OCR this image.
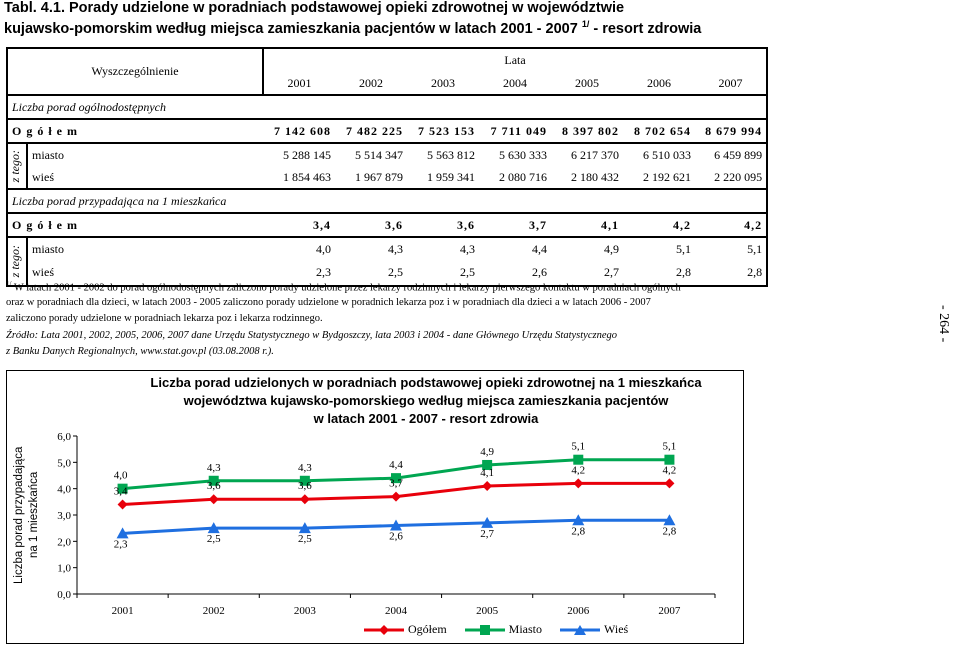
Tabl. 4.1. Porady udzielone w poradniach podstawowej opieki zdrowotnej w województwie
kujawsko-pomorskim według miejsca zamieszkania pacjentów w latach 2001 - 2007 $^{1/}$ - resort zdrowia
Wyszczególnienie		Lata						
		2001	2002	2003	2004	2005	2006	2007
Liczba porad ogólnodostępnych								
O g ó ł e m		7 142 608	7 482 225	7 523 153	7 711 049	8 397 802	8 702 654	8 679 994

z tego:	miasto	5 288 145	5 514 347	5 563 812	5 630 333	6 217 370	6 510 033	6 459 899
	wieś	1 854 463	1 967 879	1 959 341	2 080 716	2 180 432	2 192 621	2 220 095
Liczba porad przypadająca na 1 mieszkańca								
O g ó ł e m		3,4	3,6	3,6	3,7	4,1	4,2	4,2

z tego:	miasto	4,0	4,3	4,3	4,4	4,9	5,1	5,1
	wieś	2,3	2,5	2,5	2,6	2,7	2,8	2,8
$^{1/}$ W latach 2001 - 2002 do porad ogólnodostępnych zaliczono porady udzielone przez lekarzy rodzinnych i lekarzy pierwszego kontaktu w poradniach ogólnych
oraz w poradniach dla dzieci, w latach 2003 - 2005 zaliczono porady udzielone w poradnich lekarza poz i w poradniach dla dzieci a w latach 2006 - 2007
zaliczono porady udzielone w poradniach lekarza poz i lekarza rodzinnego.
Źródło: Lata 2001, 2002, 2005, 2006, 2007 dane Urzędu Statystycznego w Bydgoszczy, lata 2003 i 2004 - dane Głównego Urzędu Statystycznego
z Banku Danych Regionalnych, www.stat.gov.pl (03.08.2008 r.).
- 264 -
Liczba porad udzielonych w poradniach podstawowej opieki zdrowotnej na 1 mieszkańca
województwa kujawsko-pomorskiego według miejsca zamieszkania pacjentów
w latach 2001 - 2007 - resort zdrowia
Liczba porad przypadająca na 1 mieszkańca
0,0
1,0
2,0
3,0
4,0
5,0
6,0
2001	2002	2003	2004	2005	2006	2007
3,4	3,6	3,6	3,7
4,1	4,2	4,2
4,0
4,3	4,3	4,4
4,9	5,1	5,1
2,3	2,5	2,5	2,6	2,7	2,8	2,8
Ogółem
	Miasto
	Wieś
